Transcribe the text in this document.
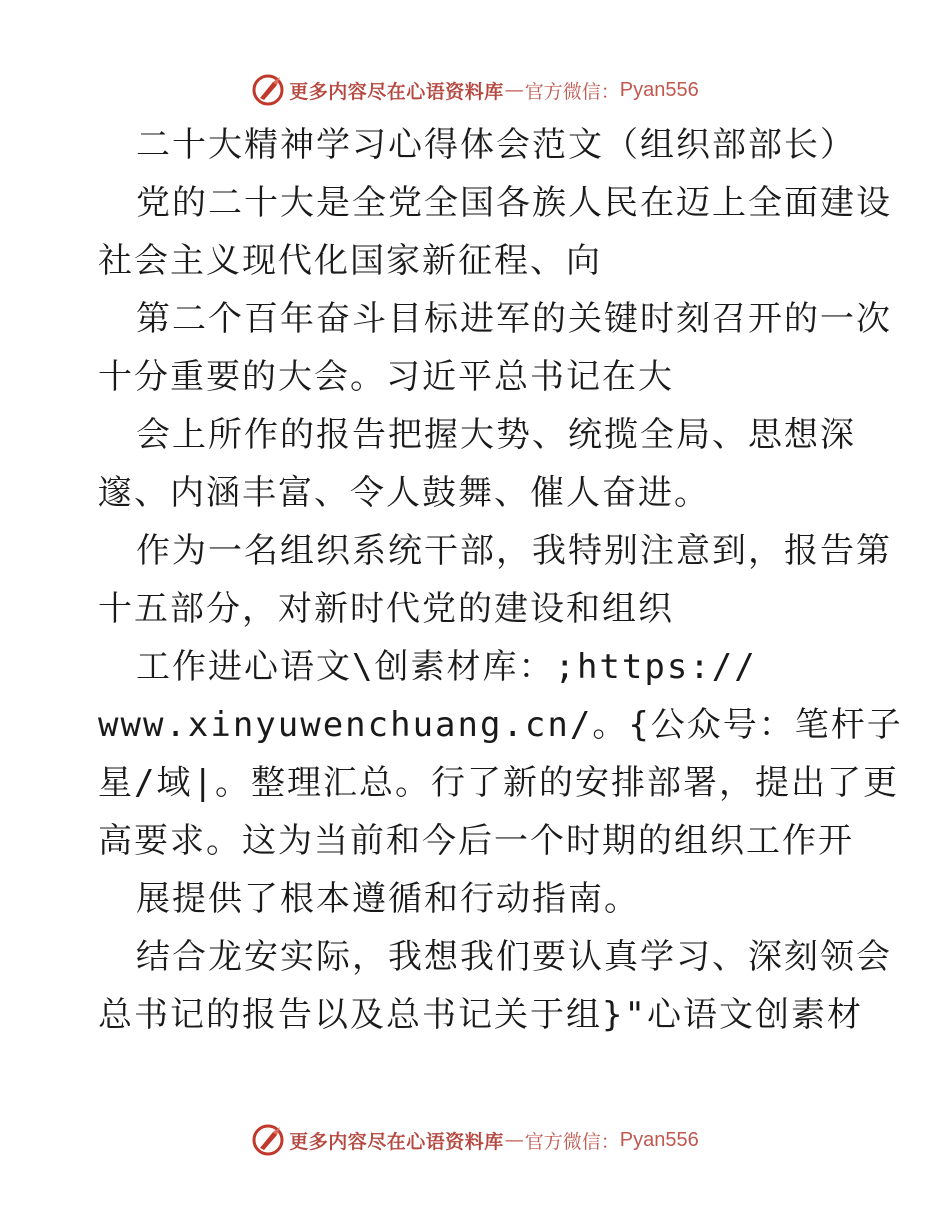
更多内容尽在心语资料库 — 官方微信： Pyan556
二十大精神学习心得体会范文（组织部部长）
党的二十大是全党全国各族人民在迈上全面建设
社会主义现代化国家新征程、向
第二个百年奋斗目标进军的关键时刻召开的一次
十分重要的大会。习近平总书记在大
会上所作的报告把握大势、统揽全局、思想深
邃、内涵丰富、令人鼓舞、催人奋进。
作为一名组织系统干部，我特别注意到，报告第
十五部分，对新时代党的建设和组织
工作进心语文\创素材库：;https://
www.xinyuwenchuang.cn/。{公众号：笔杆子
星/域|。整理汇总。行了新的安排部署，提出了更
高要求。这为当前和今后一个时期的组织工作开
展提供了根本遵循和行动指南。
结合龙安实际，我想我们要认真学习、深刻领会
总书记的报告以及总书记关于组}"心语文创素材
更多内容尽在心语资料库 — 官方微信： Pyan556
